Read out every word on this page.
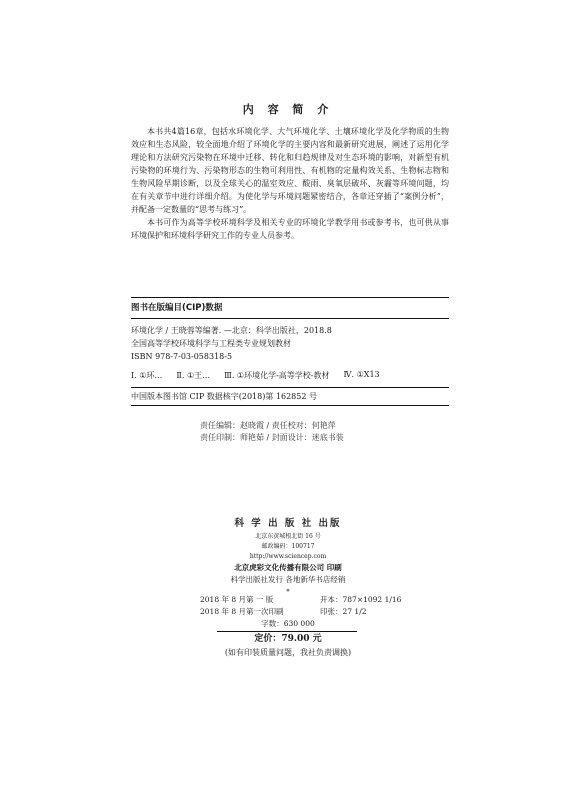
内 容 简 介

本书共4篇16章，包括水环境化学、大气环境化学、土壤环境化学及化学物质的生物效应和生态风险，较全面地介绍了环境化学的主要内容和最新研究进展，阐述了运用化学理论和方法研究污染物在环境中迁移、转化和归趋规律及对生态环境的影响，对新型有机污染物的环境行为、污染物形态的生物可利用性、有机物的定量构效关系、生物标志物和生物风险早期诊断，以及全球关心的温室效应、酸雨、臭氧层破坏、灰霾等环境问题，均在有关章节中进行详细介绍。为使化学与环境问题紧密结合，各章还穿插了“案例分析”，并配备一定数量的“思考与练习”。

本书可作为高等学校环境科学及相关专业的环境化学教学用书或参考书，也可供从事环境保护和环境科学研究工作的专业人员参考。

图书在版编目(CIP)数据
环境化学 / 王晓蓉等编著. —北京：科学出版社，2018.8
全国高等学校环境科学与工程类专业规划教材
ISBN 978-7-03-058318-5
Ⅰ. ①环… Ⅱ. ①王… Ⅲ. ①环境化学-高等学校-教材 Ⅳ. ①X13
中国版本图书馆 CIP 数据核字(2018)第 162852 号
责任编辑：赵晓霞 / 责任校对：何艳萍
责任印制：师艳茹 / 封面设计：迷底书装
科 学 出 版 社 出版
北京东黄城根北街 16 号
邮政编码：100717
http://www.sciencep.com
北京虎彩文化传播有限公司 印刷
科学出版社发行 各地新华书店经销
*
2018 年 8 月第 一 版	开本：787×1092 1/16
2018 年 8 月第一次印刷	印张：27 1/2
字数：630 000
定价：79.00 元
(如有印装质量问题，我社负责调换)
